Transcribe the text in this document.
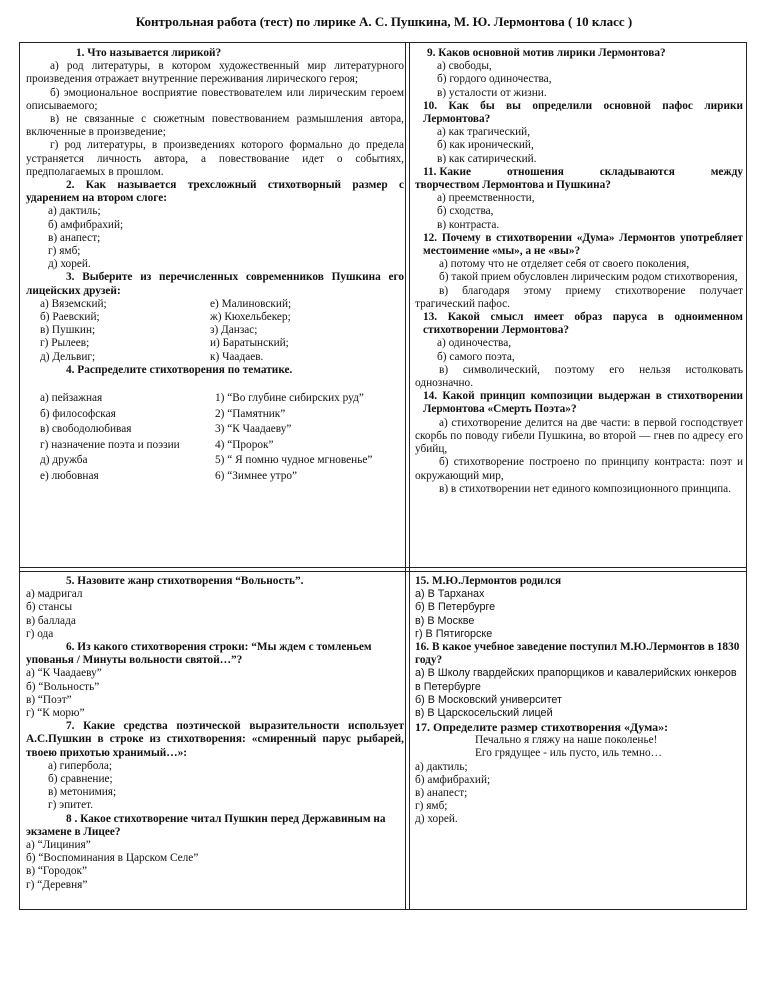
Контрольная работа (тест) по лирике А. С. Пушкина, М. Ю. Лермонтова ( 10 класс )

1. Что называется лирикой?

а) род литературы, в котором художественный мир литературного произведения отражает внутренние переживания лирического героя;

б) эмоциональное восприятие повествователем или лирическим героем описываемого;

в) не связанные с сюжетным повествованием размышления автора, включенные в произведение;

г) род литературы, в произведениях которого формально до предела устраняется личность автора, а повествование идет о событиях, предполагаемых в прошлом.

2. Как называется трехсложный стихотворный размер с ударением на втором слоге:

а) дактиль;

б) амфибрахий;

в) анапест;

г) ямб;

д) хорей.

3. Выберите из перечисленных современников Пушкина его лицейских друзей:

а) Вяземский;	е) Малиновский;

б) Раевский;	ж) Кюхельбекер;

в) Пушкин;	з) Данзас;

г) Рылеев;	и) Баратынский;

д) Дельвиг;	к) Чаадаев.

4. Распределите стихотворения по тематике.

а) пейзажная	1) “Во глубине сибирских руд”

б) философская	2) “Памятник”

в) свободолюбивая	3) “К Чаадаеву”

г) назначение поэта и поэзии	4) “Пророк”

д) дружба	5) “ Я помню чудное мгновенье”

е) любовная	6) “Зимнее утро”

9. Каков основной мотив лирики Лермонтова?

а) свободы,

б) гордого одиночества,

в) усталости от жизни.

10. Как бы вы определили основной пафос лирики Лермонтова?

а) как трагический,

б) как иронический,

в) как сатирический.

11. Какие	отношения	складываются	между

творчеством Лермонтова и Пушкина?

а) преемственности,

б) сходства,

в) контраста.

12. Почему в стихотворении «Дума» Лермонтов употребляет местоимение «мы», а не «вы»?

а) потому что не отделяет себя от своего поколения,

б) такой прием обусловлен лирическим родом стихотворения,

в) благодаря этому приему стихотворение получает трагический пафос.

13. Какой смысл имеет образ паруса в одноименном стихотворении Лермонтова?

а) одиночества,

б) самого поэта,

в) символический, поэтому его нельзя истолковать однозначно.

14. Какой принцип композиции выдержан в стихотворении Лермонтова «Смерть Поэта»?

а) стихотворение делится на две части: в первой господствует скорбь по поводу гибели Пушкина, во второй — гнев по адресу его убийц,

б) стихотворение построено по принципу контраста: поэт и окружающий мир,

в) в стихотворении нет единого композиционного принципа.

5. Назовите жанр стихотворения “Вольность”.

а) мадригал

б) стансы

в) баллада

г) ода

6. Из какого стихотворения строки: “Мы ждем с томленьем упованья / Минуты вольности святой…”?

а) “К Чаадаеву”

б) “Вольность”

в) “Поэт”

г) “К морю”

7. Какие средства поэтической выразительности использует А.С.Пушкин в строке из стихотворения: «смиренный парус рыбарей, твоею прихотью хранимый…»:

а) гипербола;

б) сравнение;

в) метонимия;

г) эпитет.

8 . Какое стихотворение читал Пушкин перед Державиным на экзамене в Лицее?

а) “Лициния”

б) “Воспоминания в Царском Селе”

в) “Городок”

г) “Деревня”

15. М.Ю.Лермонтов родился

а) В Тарханах

б) В Петербурге

в) В Москве

г) В Пятигорске

16. В какое учебное заведение поступил М.Ю.Лермонтов в 1830 году?

а) В Школу гвардейских прапорщиков и кавалерийских юнкеров в Петербурге

б) В Московский университет

в) В Царскосельский лицей

17. Определите размер стихотворения «Дума»:

Печально я гляжу на наше поколенье!

Его грядущее - иль пусто, иль темно…

а) дактиль;

б) амфибрахий;

в) анапест;

г) ямб;

д) хорей.
